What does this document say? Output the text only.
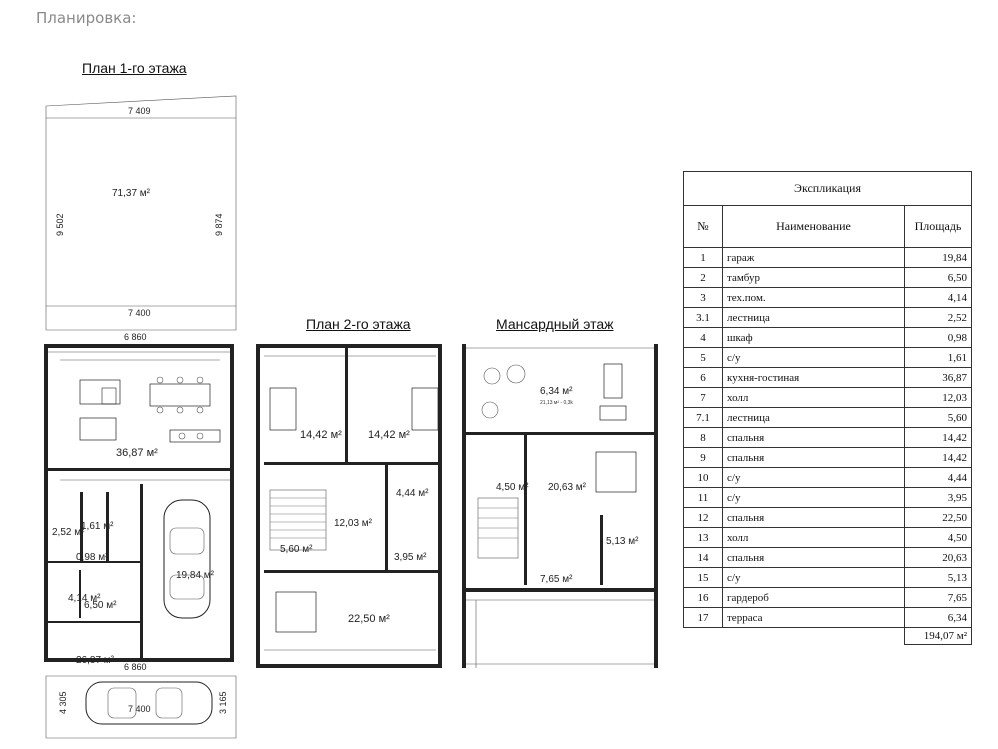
Планировка:
План 1-го этажа
План 2-го этажа	Мансардный этаж
7 409
9 502	9 874
71,37 м²
7 400
6 860
36,87 м²
19,84 м²
1,61 м²
2,52 м²
0,98 м²
4,14 м²
6,50 м²
26,87 м²
6 860
4 305	3 165
7 400
14,42 м² 14,42 м²
12,03 м²
5,60 м²
4,44 м²
3,95 м²
22,50 м²
6,34 м²
21,13 м² - 0,3k
4,50 м² 20,63 м²
5,13 м²
7,65 м²
Экспликация		
№	Наименование	Площадь
1	гараж	19,84
2	тамбур	6,50
3	тех.пом.	4,14
3.1	лестница	2,52
4	шкаф	0,98
5	с/у	1,61
6	кухня-гостиная	36,87
7	холл	12,03
7.1	лестница	5,60
8	спальня	14,42
9	спальня	14,42
10	с/у	4,44
11	с/у	3,95
12	спальня	22,50
13	холл	4,50
14	спальня	20,63
15	с/у	5,13
16	гардероб	7,65
17	терраса	6,34
		194,07 м²
